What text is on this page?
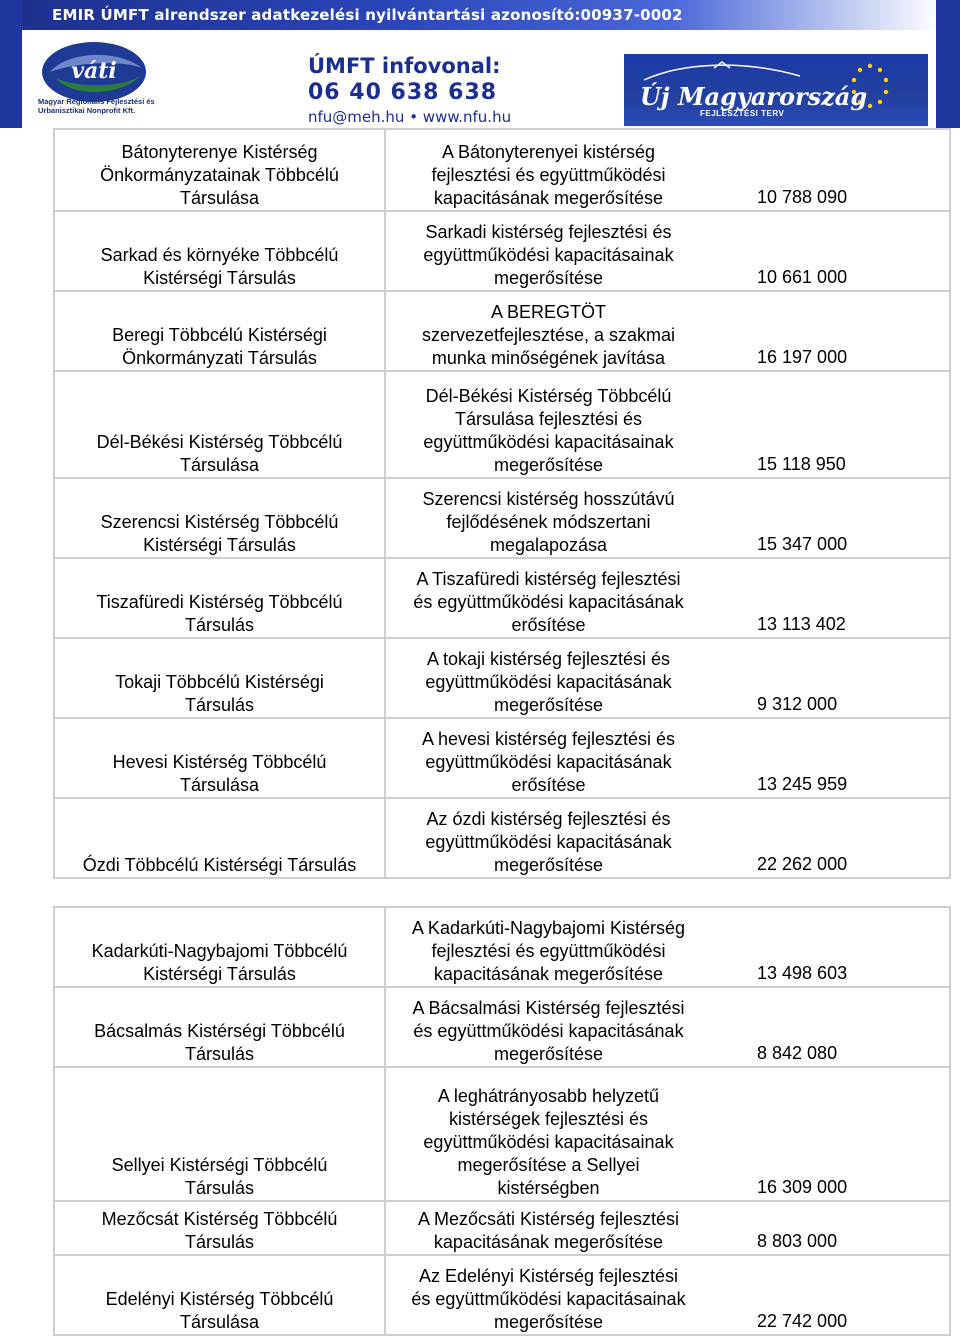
EMIR ÚMFT alrendszer adatkezelési nyilvántartási azonosító:00937-0002
váti
Magyar Regionális Fejlesztési és Urbanisztikai Nonprofit Kft.
ÚMFT infovonal:
06 40 638 638
nfu@meh.hu • www.nfu.hu
Új Magyarország
FEJLESZTÉSI TERV
Bátonyterenye Kistérség
Önkormányzatainak Többcélú
Társulása	A Bátonyterenyei kistérség
fejlesztési és együttműködési
kapacitásának megerősítése	10 788 090
Sarkad és környéke Többcélú
Kistérségi Társulás	Sarkadi kistérség fejlesztési és
együttműködési kapacitásainak
megerősítése	10 661 000
Beregi Többcélú Kistérségi
Önkormányzati Társulás	A BEREGTÖT
szervezetfejlesztése, a szakmai
munka minőségének javítása	16 197 000
Dél-Békési Kistérség Többcélú
Társulása	Dél-Békési Kistérség Többcélú
Társulása fejlesztési és
együttműködési kapacitásainak
megerősítése	15 118 950
Szerencsi Kistérség Többcélú
Kistérségi Társulás	Szerencsi kistérség hosszútávú
fejlődésének módszertani
megalapozása	15 347 000
Tiszafüredi Kistérség Többcélú
Társulás	A Tiszafüredi kistérség fejlesztési
és együttműködési kapacitásának
erősítése	13 113 402
Tokaji Többcélú Kistérségi
Társulás	A tokaji kistérség fejlesztési és
együttműködési kapacitásának
megerősítése	9 312 000
Hevesi Kistérség Többcélú
Társulása	A hevesi kistérség fejlesztési és
együttműködési kapacitásának
erősítése	13 245 959
Ózdi Többcélú Kistérségi Társulás	Az ózdi kistérség fejlesztési és
együttműködési kapacitásának
megerősítése	22 262 000
Kadarkúti-Nagybajomi Többcélú
Kistérségi Társulás	A Kadarkúti-Nagybajomi Kistérség
fejlesztési és együttműködési
kapacitásának megerősítése	13 498 603
Bácsalmás Kistérségi Többcélú
Társulás	A Bácsalmási Kistérség fejlesztési
és együttműködési kapacitásának
megerősítése	8 842 080
Sellyei Kistérségi Többcélú
Társulás	A leghátrányosabb helyzetű
kistérségek fejlesztési és
együttműködési kapacitásainak
megerősítése a Sellyei
kistérségben	16 309 000
Mezőcsát Kistérség Többcélú
Társulás	A Mezőcsáti Kistérség fejlesztési
kapacitásának megerősítése	8 803 000
Edelényi Kistérség Többcélú
Társulása	Az Edelényi Kistérség fejlesztési
és együttműködési kapacitásainak
megerősítése	22 742 000
